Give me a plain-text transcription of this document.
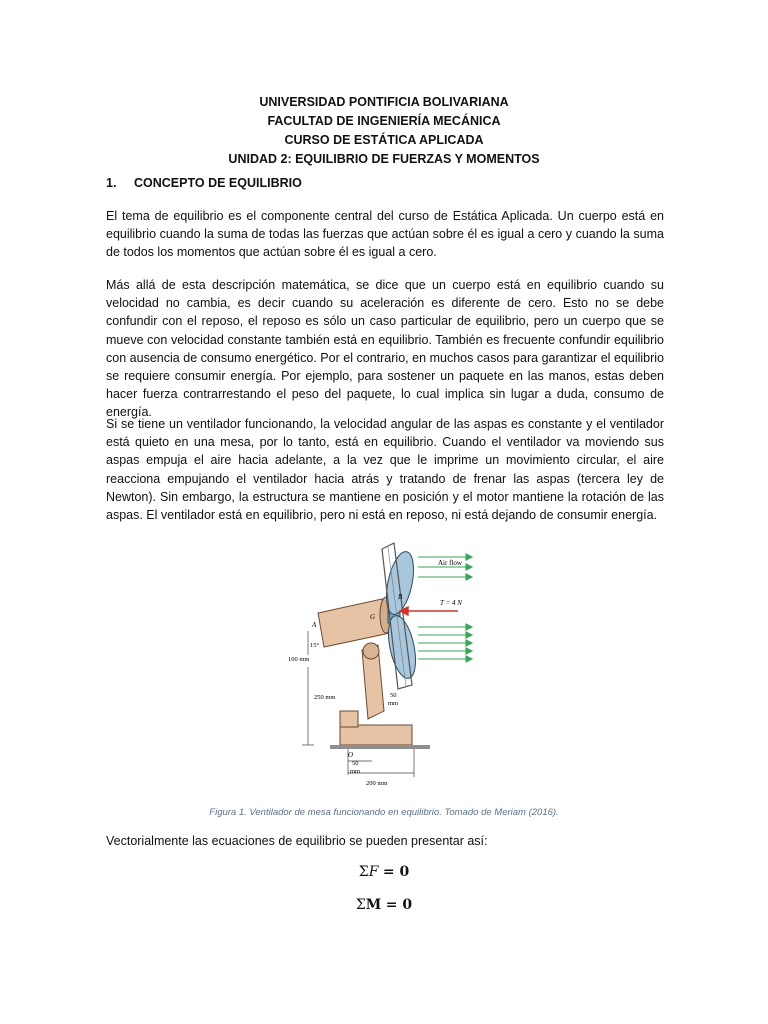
UNIVERSIDAD PONTIFICIA BOLIVARIANA
FACULTAD DE INGENIERÍA MECÁNICA
CURSO DE ESTÁTICA APLICADA
UNIDAD 2: EQUILIBRIO DE FUERZAS Y MOMENTOS
1. CONCEPTO DE EQUILIBRIO

El tema de equilibrio es el componente central del curso de Estática Aplicada. Un cuerpo está en equilibrio cuando la suma de todas las fuerzas que actúan sobre él es igual a cero y cuando la suma de todos los momentos que actúan sobre él es igual a cero.

Más allá de esta descripción matemática, se dice que un cuerpo está en equilibrio cuando su velocidad no cambia, es decir cuando su aceleración es diferente de cero. Esto no se debe confundir con el reposo, el reposo es sólo un caso particular de equilibrio, pero un cuerpo que se mueve con velocidad constante también está en equilibrio. También es frecuente confundir equilibrio con ausencia de consumo energético. Por el contrario, en muchos casos para garantizar el equilibrio se requiere consumir energía. Por ejemplo, para sostener un paquete en las manos, estas deben hacer fuerza contrarrestando el peso del paquete, lo cual implica sin lugar a duda, consumo de energía.

Si se tiene un ventilador funcionando, la velocidad angular de las aspas es constante y el ventilador está quieto en una mesa, por lo tanto, está en equilibrio. Cuando el ventilador va moviendo sus aspas empuja el aire hacia adelante, a la vez que le imprime un movimiento circular, el aire reacciona empujando el ventilador hacia atrás y tratando de frenar las aspas (tercera ley de Newton). Sin embargo, la estructura se mantiene en posición y el motor mantiene la rotación de las aspas. El ventilador está en equilibrio, pero ni está en reposo, ni está dejando de consumir energía.

Air flow
B
T = 4 N
G
A
15°
100 mm
250 mm	50
mm
O
50
mm
200 mm
Figura 1. Ventilador de mesa funcionando en equilibrio. Tomado de Meriam (2016).
Vectorialmente las ecuaciones de equilibrio se pueden presentar así:
ΣF = 0
ΣM = 0
